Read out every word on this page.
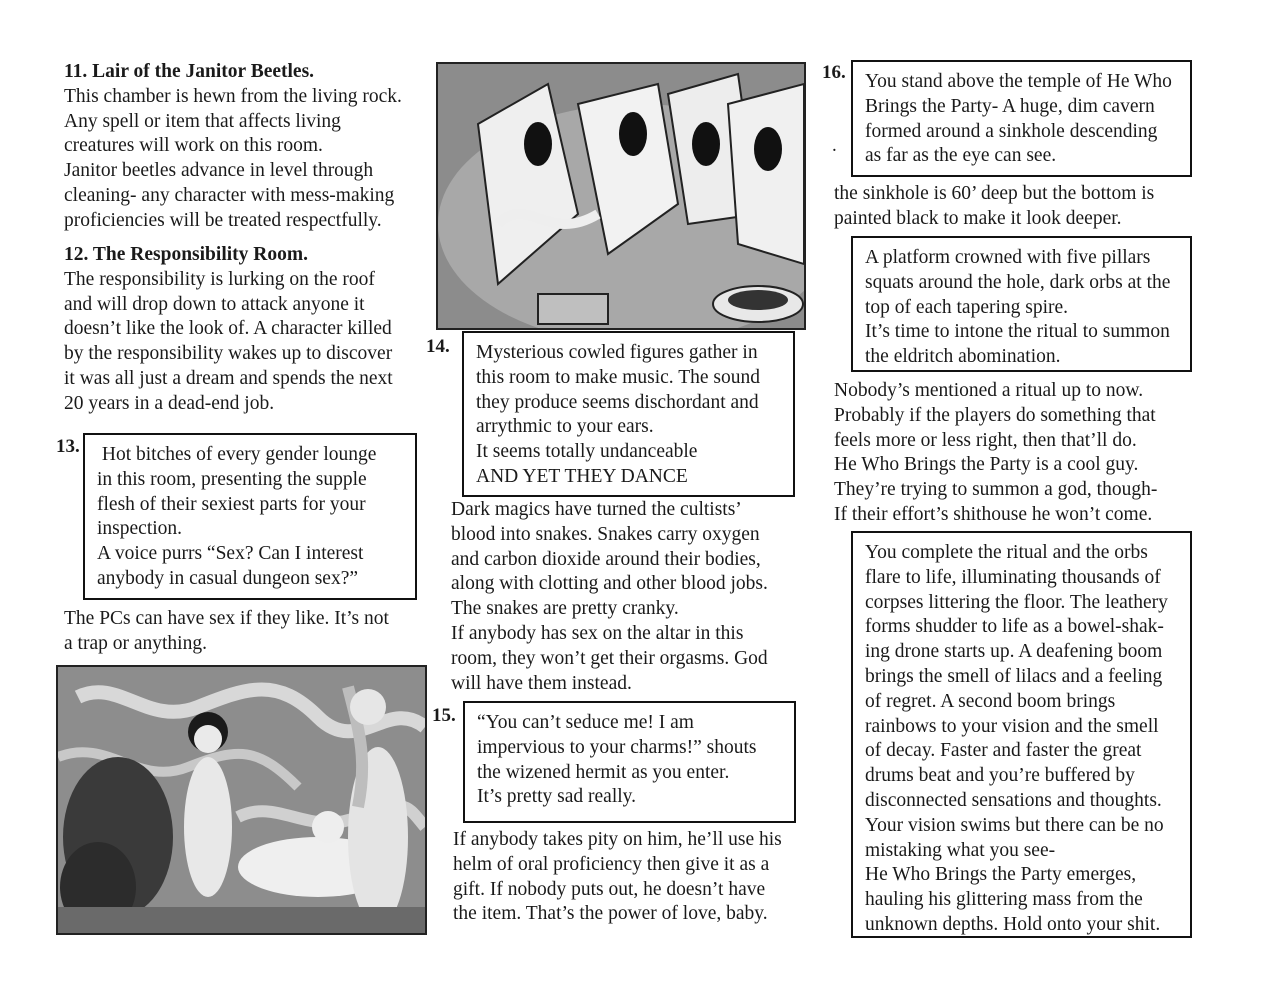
11. Lair of the Janitor Beetles.

This chamber is hewn from the living rock.
Any spell or item that affects living
creatures will work on this room.
Janitor beetles advance in level through
cleaning- any character with mess-making
proficiencies will be treated respectfully.

12. The Responsibility Room.

The responsibility is lurking on the roof
and will drop down to attack anyone it
doesn’t like the look of. A character killed
by the responsibility wakes up to discover
it was all just a dream and spends the next
20 years in a dead-end job.
13. Hot bitches of every gender lounge
in this room, presenting the supple
flesh of their sexiest parts for your
inspection.
A voice purrs “Sex? Can I interest
anybody in casual dungeon sex?”
The PCs can have sex if they like. It’s not
a trap or anything.
14. Mysterious cowled figures gather in
this room to make music. The sound
they produce seems dischordant and
arrythmic to your ears.
It seems totally undanceable
AND YET THEY DANCE
Dark magics have turned the cultists’
blood into snakes. Snakes carry oxygen
and carbon dioxide around their bodies,
along with clotting and other blood jobs.
The snakes are pretty cranky.
If anybody has sex on the altar in this
room, they won’t get their orgasms. God
will have them instead.
15. “You can’t seduce me! I am
impervious to your charms!” shouts
the wizened hermit as you enter.
It’s pretty sad really.
If anybody takes pity on him, he’ll use his
helm of oral proficiency then give it as a
gift. If nobody puts out, he doesn’t have
the item. That’s the power of love, baby.
16.
.
You stand above the temple of He Who
Brings the Party- A huge, dim cavern
formed around a sinkhole descending
as far as the eye can see.
the sinkhole is 60’ deep but the bottom is
painted black to make it look deeper.
A platform crowned with five pillars
squats around the hole, dark orbs at the
top of each tapering spire.
It’s time to intone the ritual to summon
the eldritch abomination.
Nobody’s mentioned a ritual up to now.
Probably if the players do something that
feels more or less right, then that’ll do.
He Who Brings the Party is a cool guy.
They’re trying to summon a god, though-
If their effort’s shithouse he won’t come.
You complete the ritual and the orbs
flare to life, illuminating thousands of
corpses littering the floor. The leathery
forms shudder to life as a bowel-shak-
ing drone starts up. A deafening boom
brings the smell of lilacs and a feeling
of regret. A second boom brings
rainbows to your vision and the smell
of decay. Faster and faster the great
drums beat and you’re buffered by
disconnected sensations and thoughts.
Your vision swims but there can be no
mistaking what you see-
He Who Brings the Party emerges,
hauling his glittering mass from the
unknown depths. Hold onto your shit.
